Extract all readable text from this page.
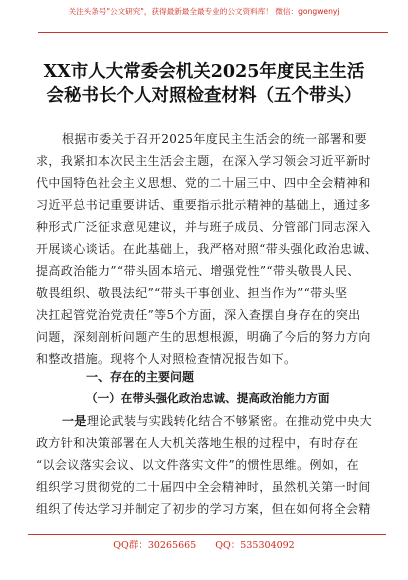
关注头条号"公文研究"，获得最新最全最专业的公文资料库！ 微信：gongwenyj
XX市人大常委会机关2025年度民主生活
会秘书长个人对照检查材料（五个带头）
根据市委关于召开2025年度民主生活会的统一部署和要
求，我紧扣本次民主生活会主题，在深入学习领会习近平新时
代中国特色社会主义思想、党的二十届三中、四中全会精神和
习近平总书记重要讲话、重要指示批示精神的基础上，通过多
种形式广泛征求意见建议，并与班子成员、分管部门同志深入
开展谈心谈话。在此基础上，我严格对照“带头强化政治忠诚、
提高政治能力”“带头固本培元、增强党性”“带头敬畏人民、
敬畏组织、敬畏法纪”“带头干事创业、担当作为”“带头坚
决扛起管党治党责任”等5个方面，深入查摆自身存在的突出
问题，深刻剖析问题产生的思想根源，明确了今后的努力方向
和整改措施。现将个人对照检查情况报告如下。
一、存在的主要问题
（一）在带头强化政治忠诚、提高政治能力方面
一是理论武装与实践转化结合不够紧密。在推动党中央大
政方针和决策部署在人大机关落地生根的过程中，有时存在
“以会议落实会议、以文件落实文件”的惯性思维。例如，在
组织学习贯彻党的二十届四中全会精神时，虽然机关第一时间
组织了传达学习并制定了初步的学习方案，但在如何将全会精
QQ群：30265665 QQ：535304092
